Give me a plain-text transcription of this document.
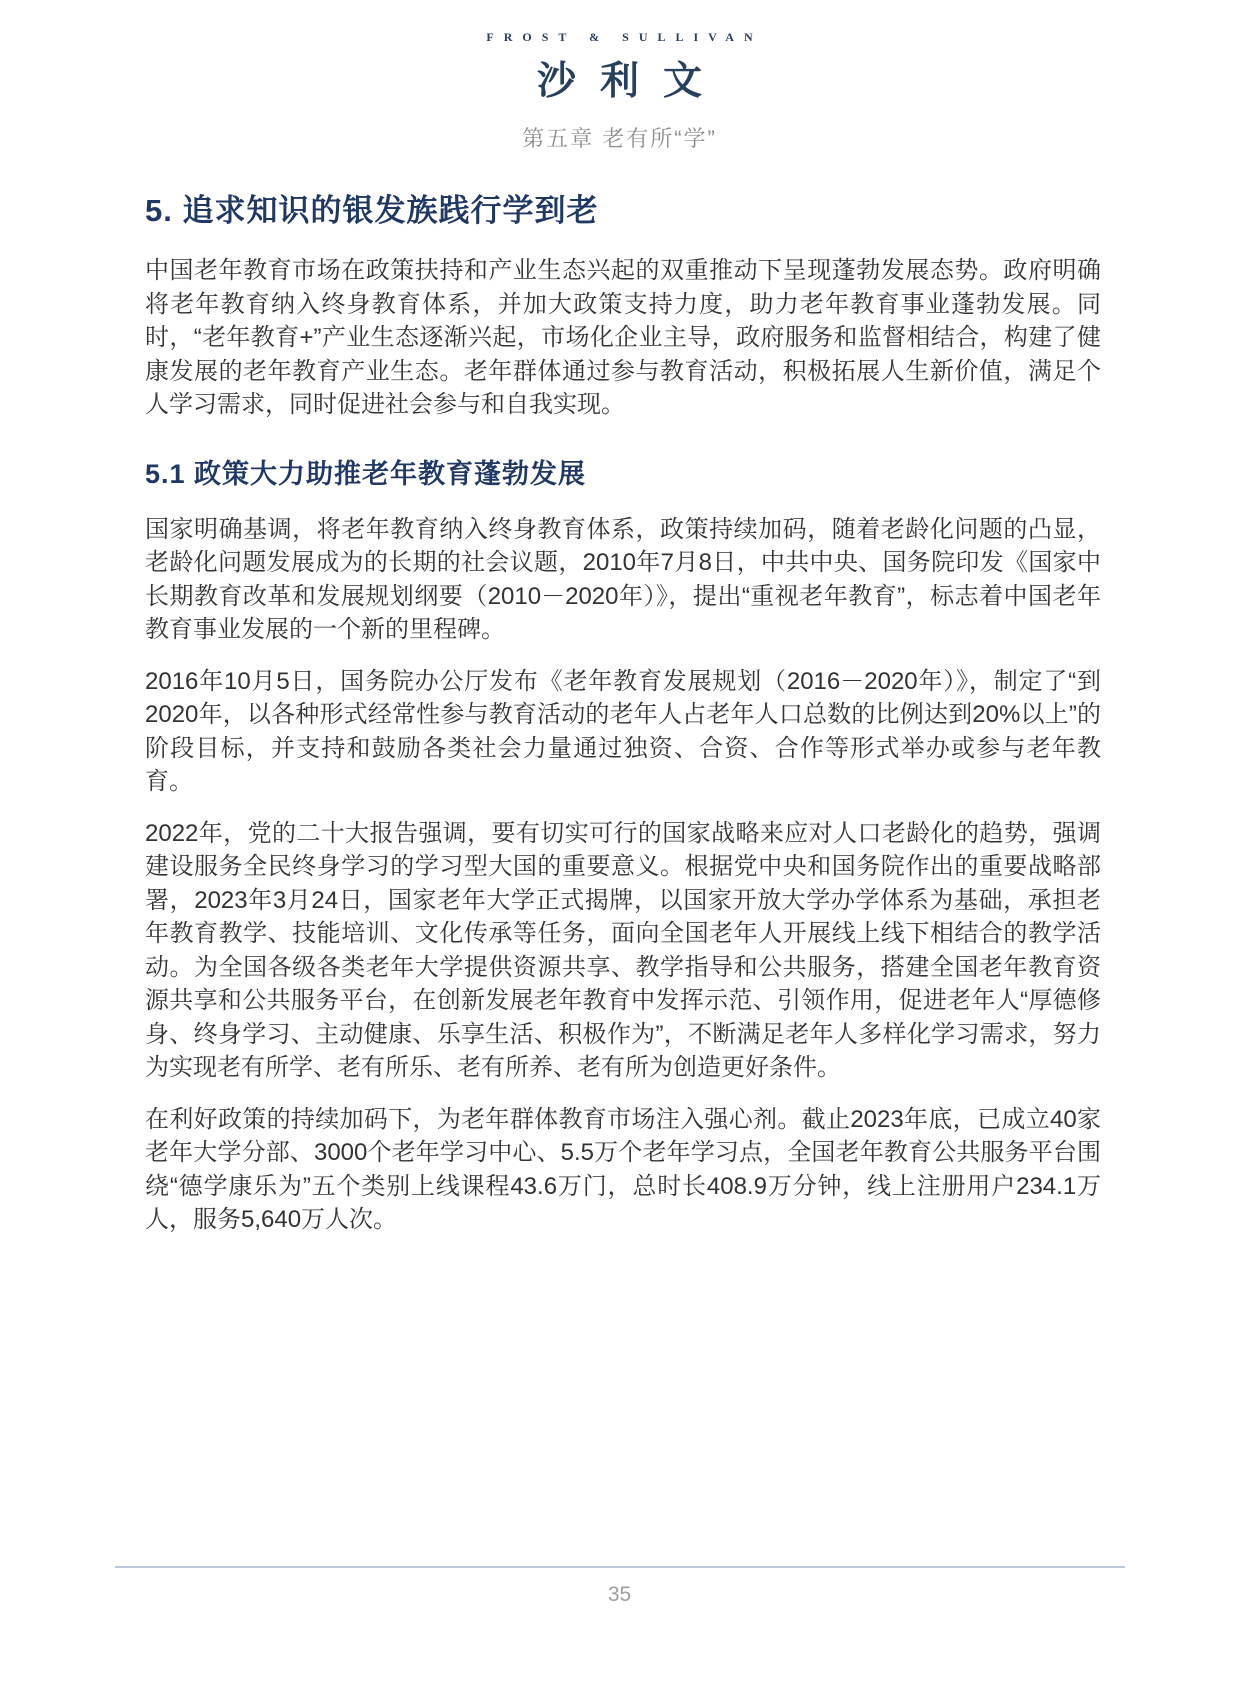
FROST & SULLIVAN
沙利文
第五章 老有所“学”
5. 追求知识的银发族践行学到老

中国老年教育市场在政策扶持和产业生态兴起的双重推动下呈现蓬勃发展态势。政府明确将老年教育纳入终身教育体系，并加大政策支持力度，助力老年教育事业蓬勃发展。同时，“老年教育+”产业生态逐渐兴起，市场化企业主导，政府服务和监督相结合，构建了健康发展的老年教育产业生态。老年群体通过参与教育活动，积极拓展人生新价值，满足个人学习需求，同时促进社会参与和自我实现。

5.1 政策大力助推老年教育蓬勃发展

国家明确基调，将老年教育纳入终身教育体系，政策持续加码，随着老龄化问题的凸显，老龄化问题发展成为的长期的社会议题，2010年7月8日，中共中央、国务院印发《国家中长期教育改革和发展规划纲要（2010－2020年）》，提出“重视老年教育”，标志着中国老年教育事业发展的一个新的里程碑。

2016年10月5日，国务院办公厅发布《老年教育发展规划（2016－2020年）》，制定了“到2020年，以各种形式经常性参与教育活动的老年人占老年人口总数的比例达到20%以上”的阶段目标，并支持和鼓励各类社会力量通过独资、合资、合作等形式举办或参与老年教育。

2022年，党的二十大报告强调，要有切实可行的国家战略来应对人口老龄化的趋势，强调建设服务全民终身学习的学习型大国的重要意义。根据党中央和国务院作出的重要战略部署，2023年3月24日，国家老年大学正式揭牌，以国家开放大学办学体系为基础，承担老年教育教学、技能培训、文化传承等任务，面向全国老年人开展线上线下相结合的教学活动。为全国各级各类老年大学提供资源共享、教学指导和公共服务，搭建全国老年教育资源共享和公共服务平台，在创新发展老年教育中发挥示范、引领作用，促进老年人“厚德修身、终身学习、主动健康、乐享生活、积极作为”，不断满足老年人多样化学习需求，努力为实现老有所学、老有所乐、老有所养、老有所为创造更好条件。

在利好政策的持续加码下，为老年群体教育市场注入强心剂。截止2023年底，已成立40家老年大学分部、3000个老年学习中心、5.5万个老年学习点，全国老年教育公共服务平台围绕“德学康乐为”五个类别上线课程43.6万门，总时长408.9万分钟，线上注册用户234.1万人，服务5,640万人次。

35
